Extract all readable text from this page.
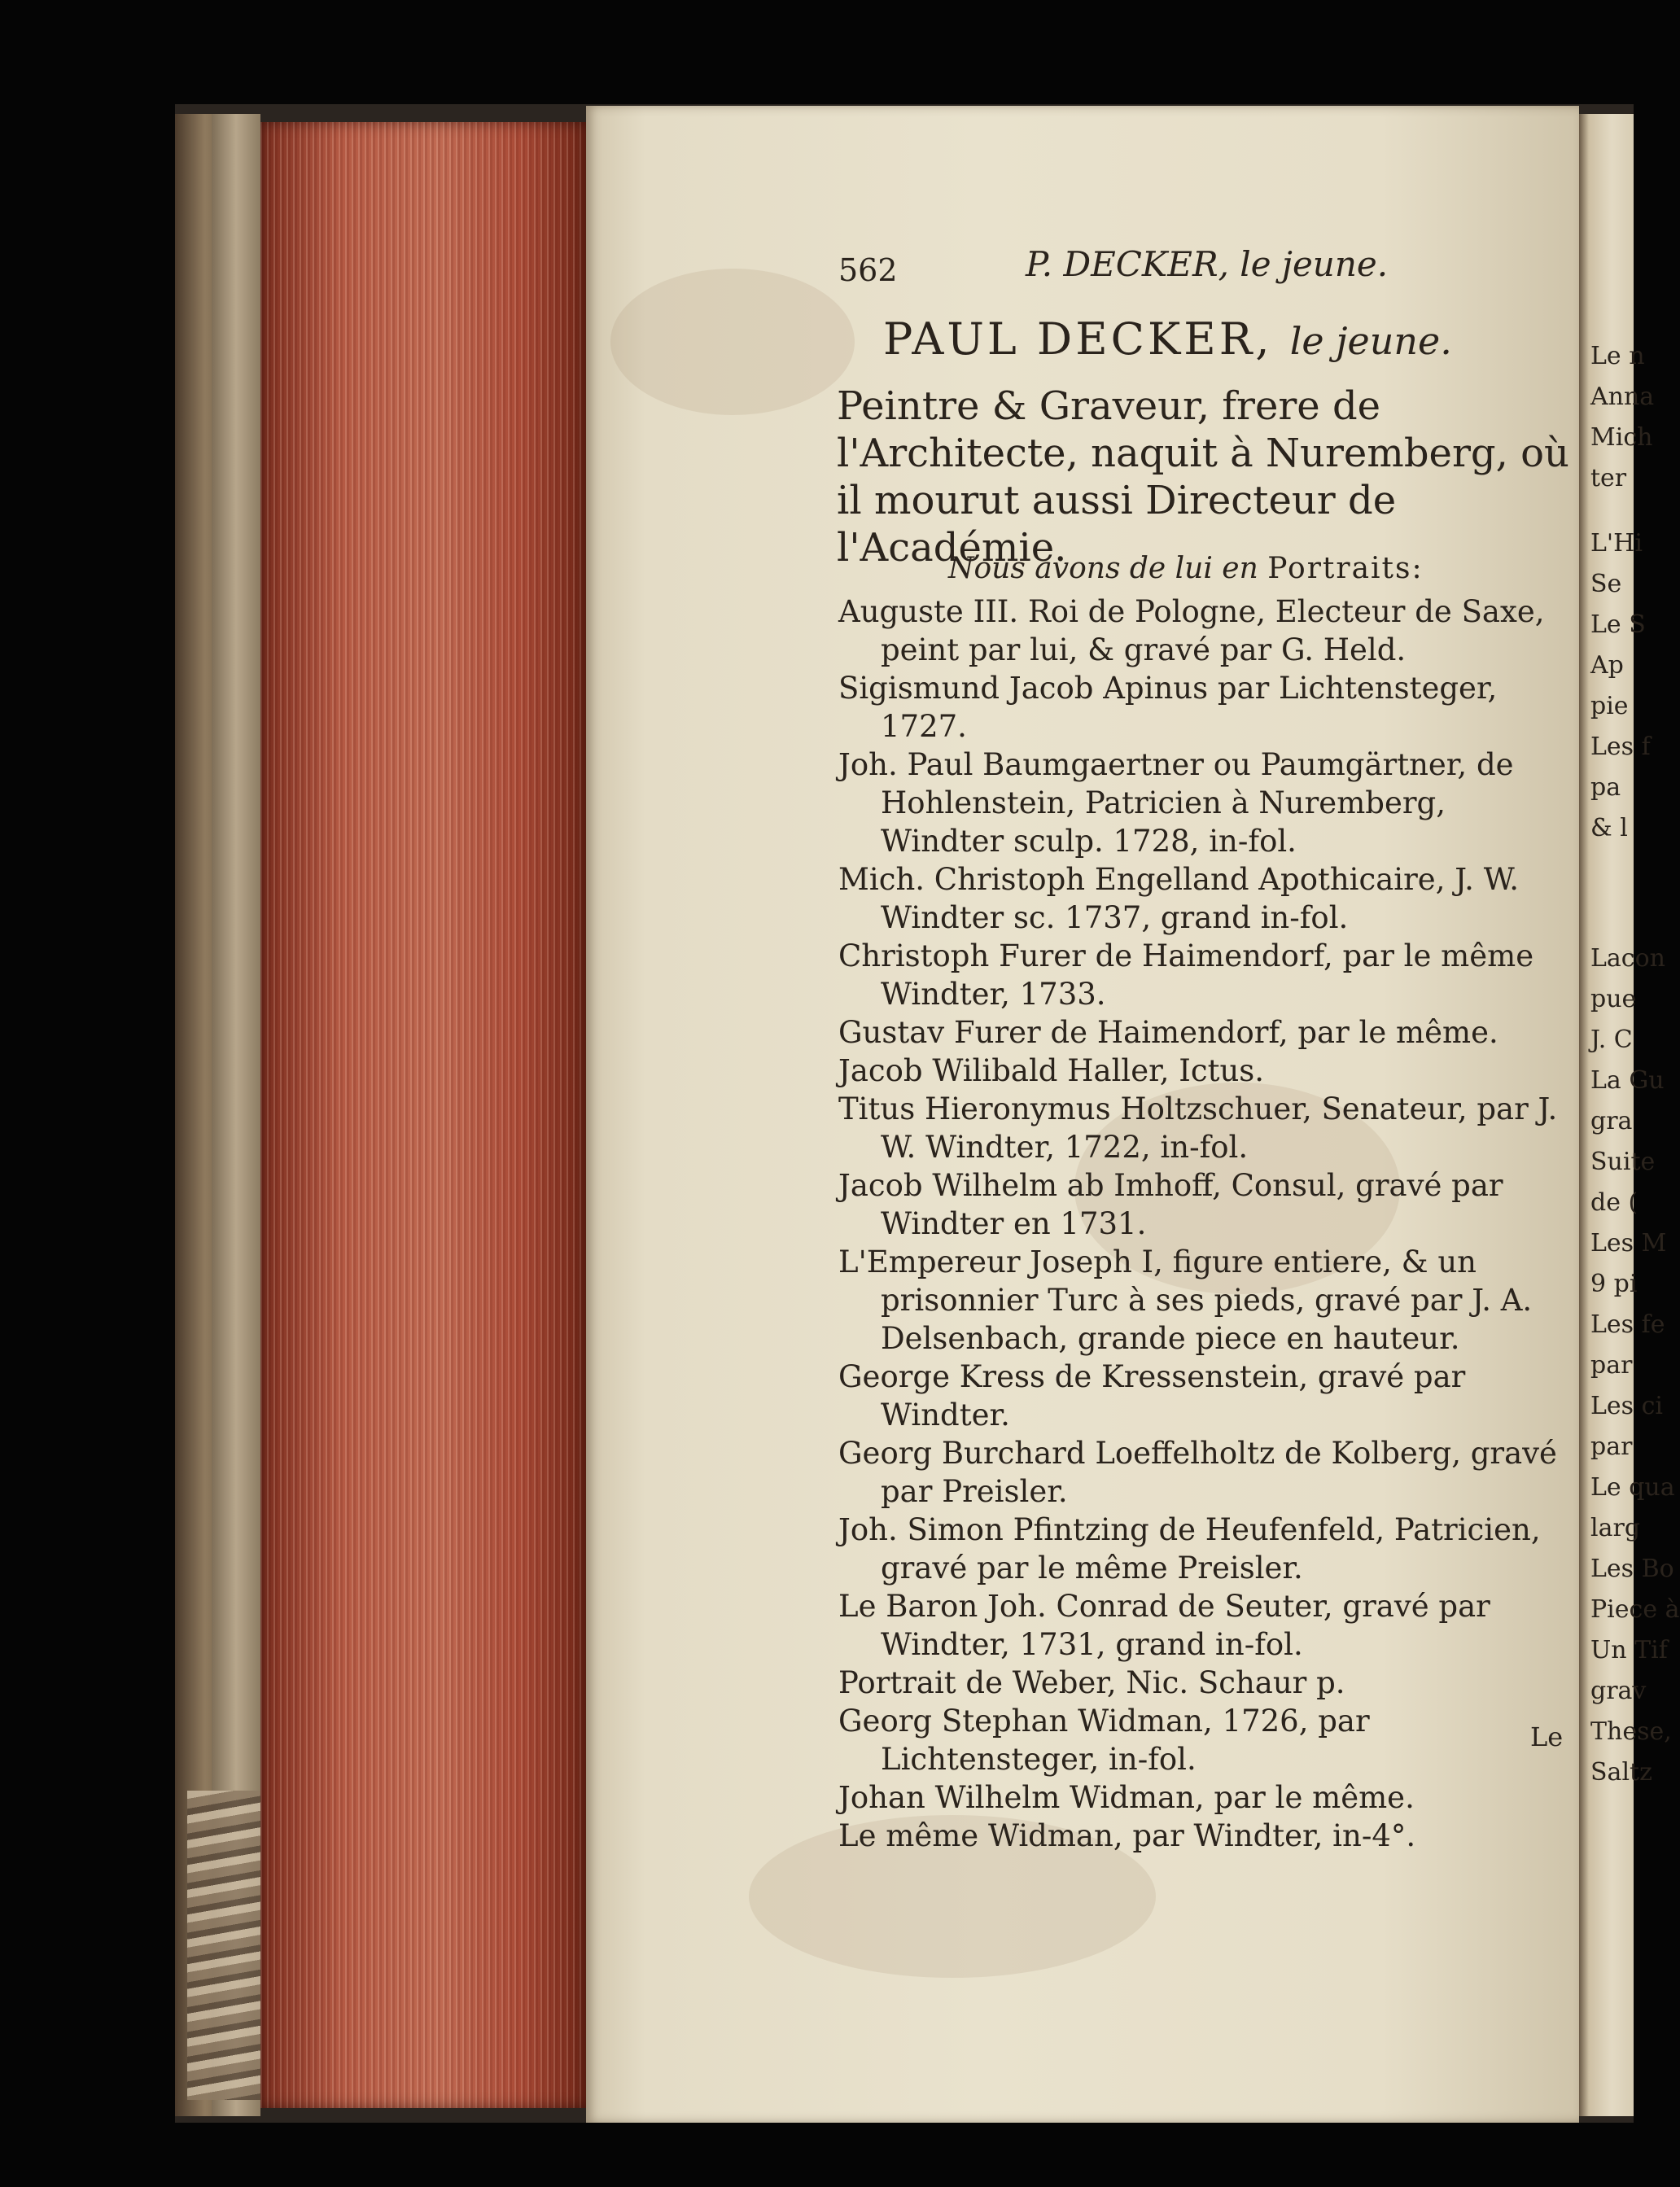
Le n
Anna
Mich
ter
L'Hi
Se
Le S
Ap
pie
Les f
pa
& l
Lacon
pue
J. C
La Gu
gra
Suite
de (
Les M
9 pi
Les fe
par
Les ci
par
Le qua
larg
Les Bo
Piece à
Un Tif
grav
These,
Saltz
562	P. DECKER, le jeune.
PAUL DECKER, le jeune.

Peintre & Graveur, frere de l'Architecte, naquit à Nuremberg, où il mourut aussi Directeur de l'Académie.

Nous avons de lui en Portraits:

Auguste III. Roi de Pologne, Electeur de Saxe, peint par lui, & gravé par G. Held.

Sigismund Jacob Apinus par Lichtensteger, 1727.

Joh. Paul Baumgaertner ou Paumgärtner, de Hohlenstein, Patricien à Nuremberg, Windter sculp. 1728, in-fol.

Mich. Christoph Engelland Apothicaire, J. W. Windter sc. 1737, grand in-fol.

Christoph Furer de Haimendorf, par le même Windter, 1733.

Gustav Furer de Haimendorf, par le même.

Jacob Wilibald Haller, Ictus.

Titus Hieronymus Holtzschuer, Senateur, par J. W. Windter, 1722, in-fol.

Jacob Wilhelm ab Imhoff, Consul, gravé par Windter en 1731.

L'Empereur Joseph I, figure entiere, & un prisonnier Turc à ses pieds, gravé par J. A. Delsenbach, grande piece en hauteur.

George Kress de Kressenstein, gravé par Windter.

Georg Burchard Loeffelholtz de Kolberg, gravé par Preisler.

Joh. Simon Pfintzing de Heufenfeld, Patricien, gravé par le même Preisler.

Le Baron Joh. Conrad de Seuter, gravé par Windter, 1731, grand in-fol.

Portrait de Weber, Nic. Schaur p.

Georg Stephan Widman, 1726, par Lichtensteger, in-fol.

Johan Wilhelm Widman, par le même.

Le même Widman, par Windter, in-4°.

Le
